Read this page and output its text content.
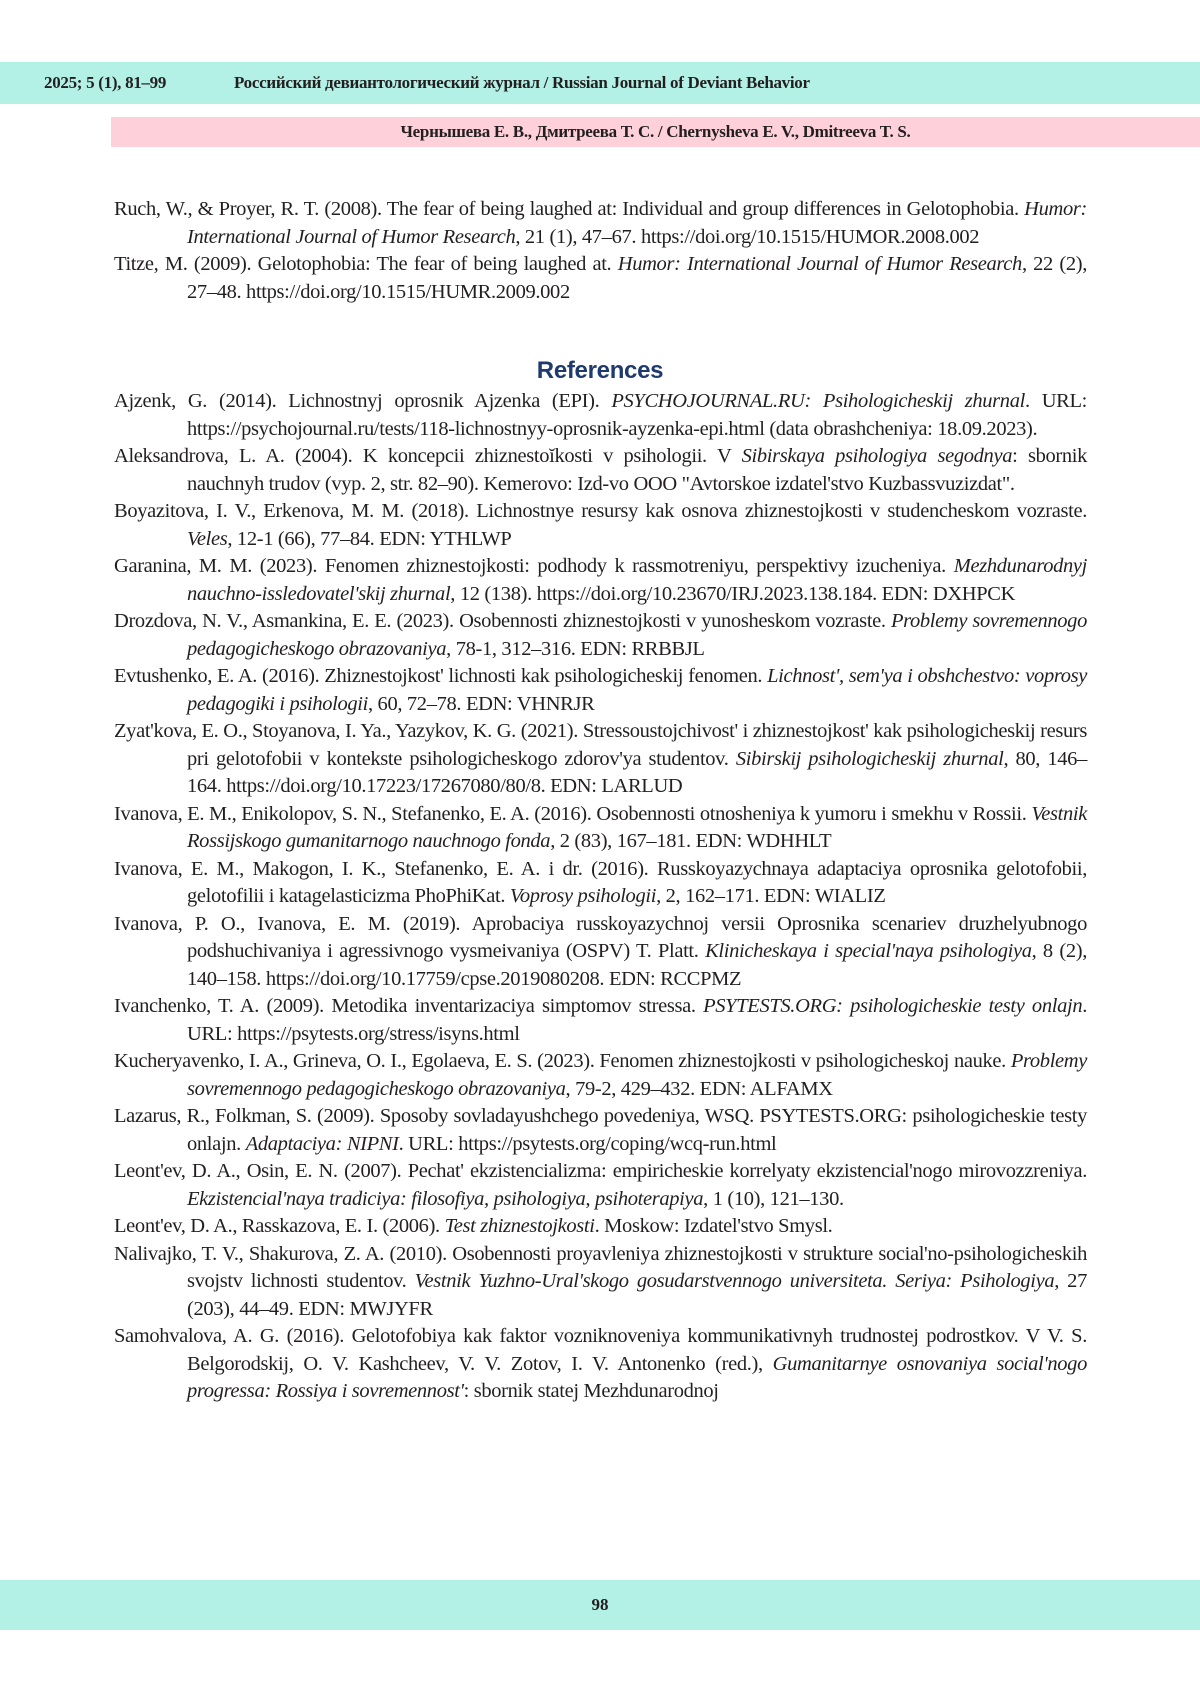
2025; 5 (1), 81–99	Российский девиантологический журнал / Russian Journal of Deviant Behavior
Чернышева Е. В., Дмитреева Т. С. / Chernysheva E. V., Dmitreeva T. S.

Ruch, W., & Proyer, R. T. (2008). The fear of being laughed at: Individual and group differences in Gelotophobia. Humor: International Journal of Humor Research, 21 (1), 47–67. https://doi.org/10.1515/HUMOR.2008.002

Titze, M. (2009). Gelotophobia: The fear of being laughed at. Humor: International Journal of Humor Research, 22 (2), 27–48. https://doi.org/10.1515/HUMR.2009.002

References

Ajzenk, G. (2014). Lichnostnyj oprosnik Ajzenka (EPI). PSYCHOJOURNAL.RU: Psihologicheskij zhurnal. URL: https://psychojournal.ru/tests/118-lichnostnyy-oprosnik-ayzenka-epi.html (data obrashcheniya: 18.09.2023).

Aleksandrova, L. A. (2004). K koncepcii zhiznestoĭkosti v psihologii. V Sibirskaya psihologiya segodnya: sbornik nauchnyh trudov (vyp. 2, str. 82–90). Kemerovo: Izd-vo OOO "Avtorskoe izdatel'stvo Kuzbassvuzizdat".

Boyazitova, I. V., Erkenova, M. M. (2018). Lichnostnye resursy kak osnova zhiznestojkosti v studencheskom vozraste. Veles, 12-1 (66), 77–84. EDN: YTHLWP

Garanina, M. M. (2023). Fenomen zhiznestojkosti: podhody k rassmotreniyu, perspektivy izucheniya. Mezhdunarodnyj nauchno-issledovatel'skij zhurnal, 12 (138). https://doi.org/10.23670/IRJ.2023.138.184. EDN: DXHPCK

Drozdova, N. V., Asmankina, E. E. (2023). Osobennosti zhiznestojkosti v yunosheskom vozraste. Problemy sovremennogo pedagogicheskogo obrazovaniya, 78-1, 312–316. EDN: RRBBJL

Evtushenko, E. A. (2016). Zhiznestojkost' lichnosti kak psihologicheskij fenomen. Lichnost', sem'ya i obshchestvo: voprosy pedagogiki i psihologii, 60, 72–78. EDN: VHNRJR

Zyat'kova, E. O., Stoyanova, I. Ya., Yazykov, K. G. (2021). Stressoustojchivost' i zhiznestojkost' kak psihologicheskij resurs pri gelotofobii v kontekste psihologicheskogo zdorov'ya studentov. Sibirskij psihologicheskij zhurnal, 80, 146–164. https://doi.org/10.17223/17267080/80/8. EDN: LARLUD

Ivanova, E. M., Enikolopov, S. N., Stefanenko, E. A. (2016). Osobennosti otnosheniya k yumoru i smekhu v Rossii. Vestnik Rossijskogo gumanitarnogo nauchnogo fonda, 2 (83), 167–181. EDN: WDHHLT

Ivanova, E. M., Makogon, I. K., Stefanenko, E. A. i dr. (2016). Russkoyazychnaya adaptaciya oprosnika gelotofobii, gelotofilii i katagelasticizma PhoPhiKat. Voprosy psihologii, 2, 162–171. EDN: WIALIZ

Ivanova, P. O., Ivanova, E. M. (2019). Aprobaciya russkoyazychnoj versii Oprosnika scenariev druzhelyubnogo podshuchivaniya i agressivnogo vysmeivaniya (OSPV) T. Platt. Klinicheskaya i special'naya psihologiya, 8 (2), 140–158. https://doi.org/10.17759/cpse.2019080208. EDN: RCCPMZ

Ivanchenko, T. A. (2009). Metodika inventarizaciya simptomov stressa. PSYTESTS.ORG: psihologicheskie testy onlajn. URL: https://psytests.org/stress/isyns.html

Kucheryavenko, I. A., Grineva, O. I., Egolaeva, E. S. (2023). Fenomen zhiznestojkosti v psihologicheskoj nauke. Problemy sovremennogo pedagogicheskogo obrazovaniya, 79-2, 429–432. EDN: ALFAMX

Lazarus, R., Folkman, S. (2009). Sposoby sovladayushchego povedeniya, WSQ. PSYTESTS.ORG: psihologicheskie testy onlajn. Adaptaciya: NIPNI. URL: https://psytests.org/coping/wcq-run.html

Leont'ev, D. A., Osin, E. N. (2007). Pechat' ekzistencializma: empiricheskie korrelyaty ekzistencial'nogo mirovozzreniya. Ekzistencial'naya tradiciya: filosofiya, psihologiya, psihoterapiya, 1 (10), 121–130.

Leont'ev, D. A., Rasskazova, E. I. (2006). Test zhiznestojkosti. Moskow: Izdatel'stvo Smysl.

Nalivajko, T. V., Shakurova, Z. A. (2010). Osobennosti proyavleniya zhiznestojkosti v strukture social'no-psihologicheskih svojstv lichnosti studentov. Vestnik Yuzhno-Ural'skogo gosudarstvennogo universiteta. Seriya: Psihologiya, 27 (203), 44–49. EDN: MWJYFR

Samohvalova, A. G. (2016). Gelotofobiya kak faktor vozniknoveniya kommunikativnyh trudnostej podrostkov. V V. S. Belgorodskij, O. V. Kashcheev, V. V. Zotov, I. V. Antonenko (red.), Gumanitarnye osnovaniya social'nogo progressa: Rossiya i sovremennost': sbornik statej Mezhdunarodnoj

98
